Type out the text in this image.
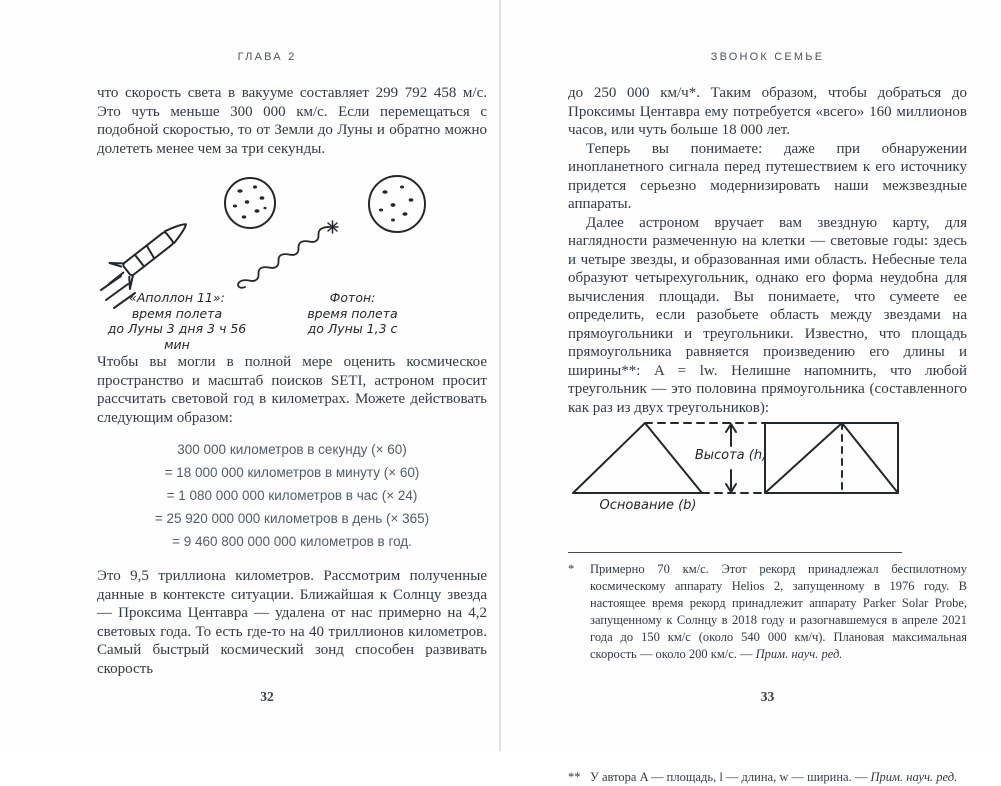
ГЛАВА 2
что скорость света в вакууме составляет 299 792 458 м/с. Это чуть меньше 300 000 км/с. Если перемещаться с подобной скоростью, то от Земли до Луны и обратно можно долететь менее чем за три секунды.
«Аполлон 11»:
время полета
до Луны 3 дня 3 ч 56 мин
Фотон:
время полета
до Луны 1,3 с
Чтобы вы могли в полной мере оценить космическое пространство и масштаб поисков SETI, астроном просит рассчитать световой год в километрах. Можете действовать следующим образом:
300 000 километров в секунду (× 60)
= 18 000 000 километров в минуту (× 60)
= 1 080 000 000 километров в час (× 24)
= 25 920 000 000 километров в день (× 365)
= 9 460 800 000 000 километров в год.
Это 9,5 триллиона километров. Рассмотрим полученные данные в контексте ситуации. Ближайшая к Солнцу звезда — Проксима Центавра — удалена от нас примерно на 4,2 световых года. То есть где-то на 40 триллионов километров. Самый быстрый космический зонд способен развивать скорость
32
ЗВОНОК СЕМЬЕ

до 250 000 км/ч*. Таким образом, чтобы добраться до Проксимы Центавра ему потребуется «всего» 160 миллионов часов, или чуть больше 18 000 лет.

Теперь вы понимаете: даже при обнаружении инопланетного сигнала перед путешествием к его источнику придется серьезно модернизировать наши межзвездные аппараты.

Далее астроном вручает вам звездную карту, для наглядности размеченную на клетки — световые годы: здесь и четыре звезды, и образованная ими область. Небесные тела образуют четырехугольник, однако его форма неудобна для вычисления площади. Вы понимаете, что сумеете ее определить, если разобьете область между звездами на прямоугольники и треугольники. Известно, что площадь прямоугольника равняется произведению его длины и ширины**: A = lw. Нелишне напомнить, что любой треугольник — это половина прямоугольника (составленного как раз из двух треугольников):

Высота (h)
Основание (b)
* Примерно 70 км/с. Этот рекорд принадлежал беспилотному космическому аппарату Helios 2, запущенному в 1976 году. В настоящее время рекорд принадлежит аппарату Parker Solar Probe, запущенному к Солнцу в 2018 году и разогнавшемуся в апреле 2021 года до 150 км/с (около 540 000 км/ч). Плановая максимальная скорость — около 200 км/с. — Прим. науч. ред.
** У автора A — площадь, l — длина, w — ширина. — Прим. науч. ред.
33
